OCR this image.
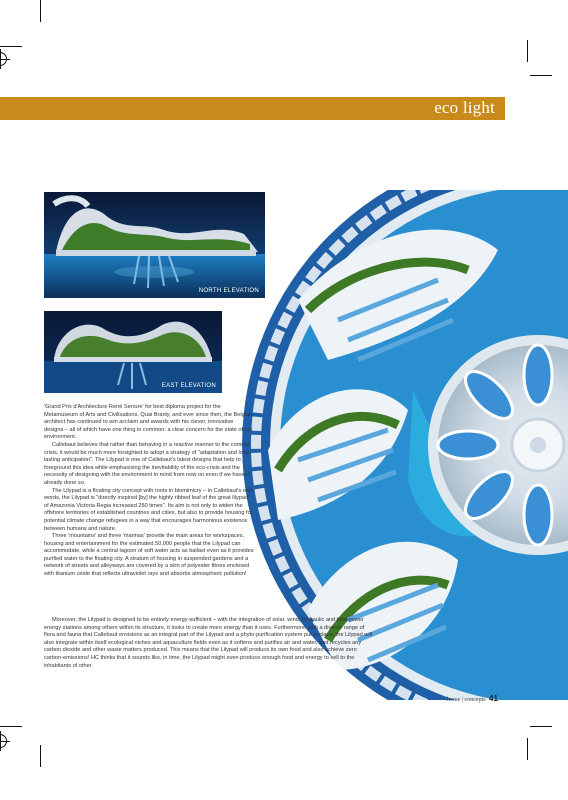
eco light
NORTH ELEVATION
EAST ELEVATION

'Grand Prix d'Architecture René Serrure' for best diploma project for the Metamuseum of Arts and Civilisations, Quai Branly, and ever since then, the Belgian architect has continued to win acclaim and awards with his clever, innovative designs – all of which have one thing in common: a clear concern for the state of our environment.

Callebaut believes that rather than behaving in a reactive manner to the coming crisis, it would be much more forsighted to adopt a strategy of "adaptation and long-lasting anticipation". The Lilypad is one of Callebaut's latest designs that help to foreground this idea while emphasising the inevitability of the eco-crisis and the necessity of designing with the environment in mind from now on even if we haven't already done so.

The Lilypad is a floating city concept with roots in biomimicry – in Callebaut's own words, the Lilypad is "directly inspired [by] the highly ribbed leaf of the great lilypad of Amazonia Victoria Regia increased 250 times". Its aim is not only to widen the offshore territories of established countries and cities, but also to provide housing for potential climate change refugees in a way that encourages harmonious existence between humans and nature.

Three 'mountains' and three 'marinas' provide the main areas for workspaces, housing and entertainment for the estimated 50,000 people that the Lilypad can accommodate, while a central lagoon of soft water acts as ballast even as it provides purified water to the floating city. A stratum of housing in suspended gardens and a network of streets and alleyways are covered by a skin of polyester fibres enclosed with titanium oxide that reflects ultraviolet rays and absorbs atmospheric pollution!

Moreover, the Lilypad is designed to be entirely energy-sufficient – with the integration of solar, wind, hydraulic and tidal power energy stations among others within its structure, it looks to create more energy than it uses. Furthermore, with a diverse range of flora and fauna that Callebaut envisions as an integral part of the Lilypad and a phyto-purification system put in place, the Lilypad will also integrate within itself ecological niches and aquaculture fields even as it softens and purifies air and water, and recycles any carbon dioxide and other waste matters produced. This means that the Lilypad will produce its own food and also achieve zero carbon-emissions! HC thinks that it sounds like, in time, the Lilypad might even produce enough food and energy to sell to the inhabitants of other

home | concepts 41
